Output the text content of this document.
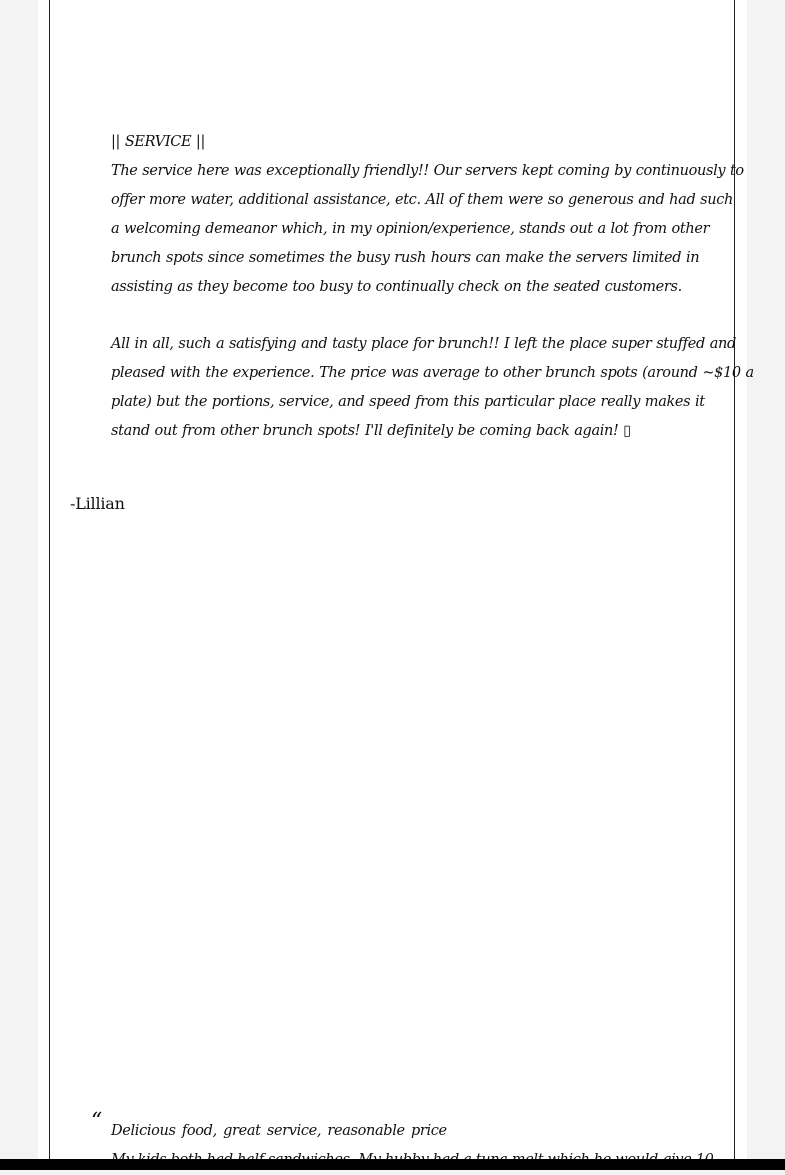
|| SERVICE ||
The service here was exceptionally friendly!! Our servers kept coming by continuously to
offer more water, additional assistance, etc. All of them were so generous and had such
a welcoming demeanor which, in my opinion/experience, stands out a lot from other
brunch spots since sometimes the busy rush hours can make the servers limited in
assisting as they become too busy to continually check on the seated customers.
All in all, such a satisfying and tasty place for brunch!! I left the place super stuffed and
pleased with the experience. The price was average to other brunch spots (around ~$10 a
plate) but the portions, service, and speed from this particular place really makes it
stand out from other brunch spots! I'll definitely be coming back again! ▯
-Lillian
“ Delicious food, great service, reasonable price
